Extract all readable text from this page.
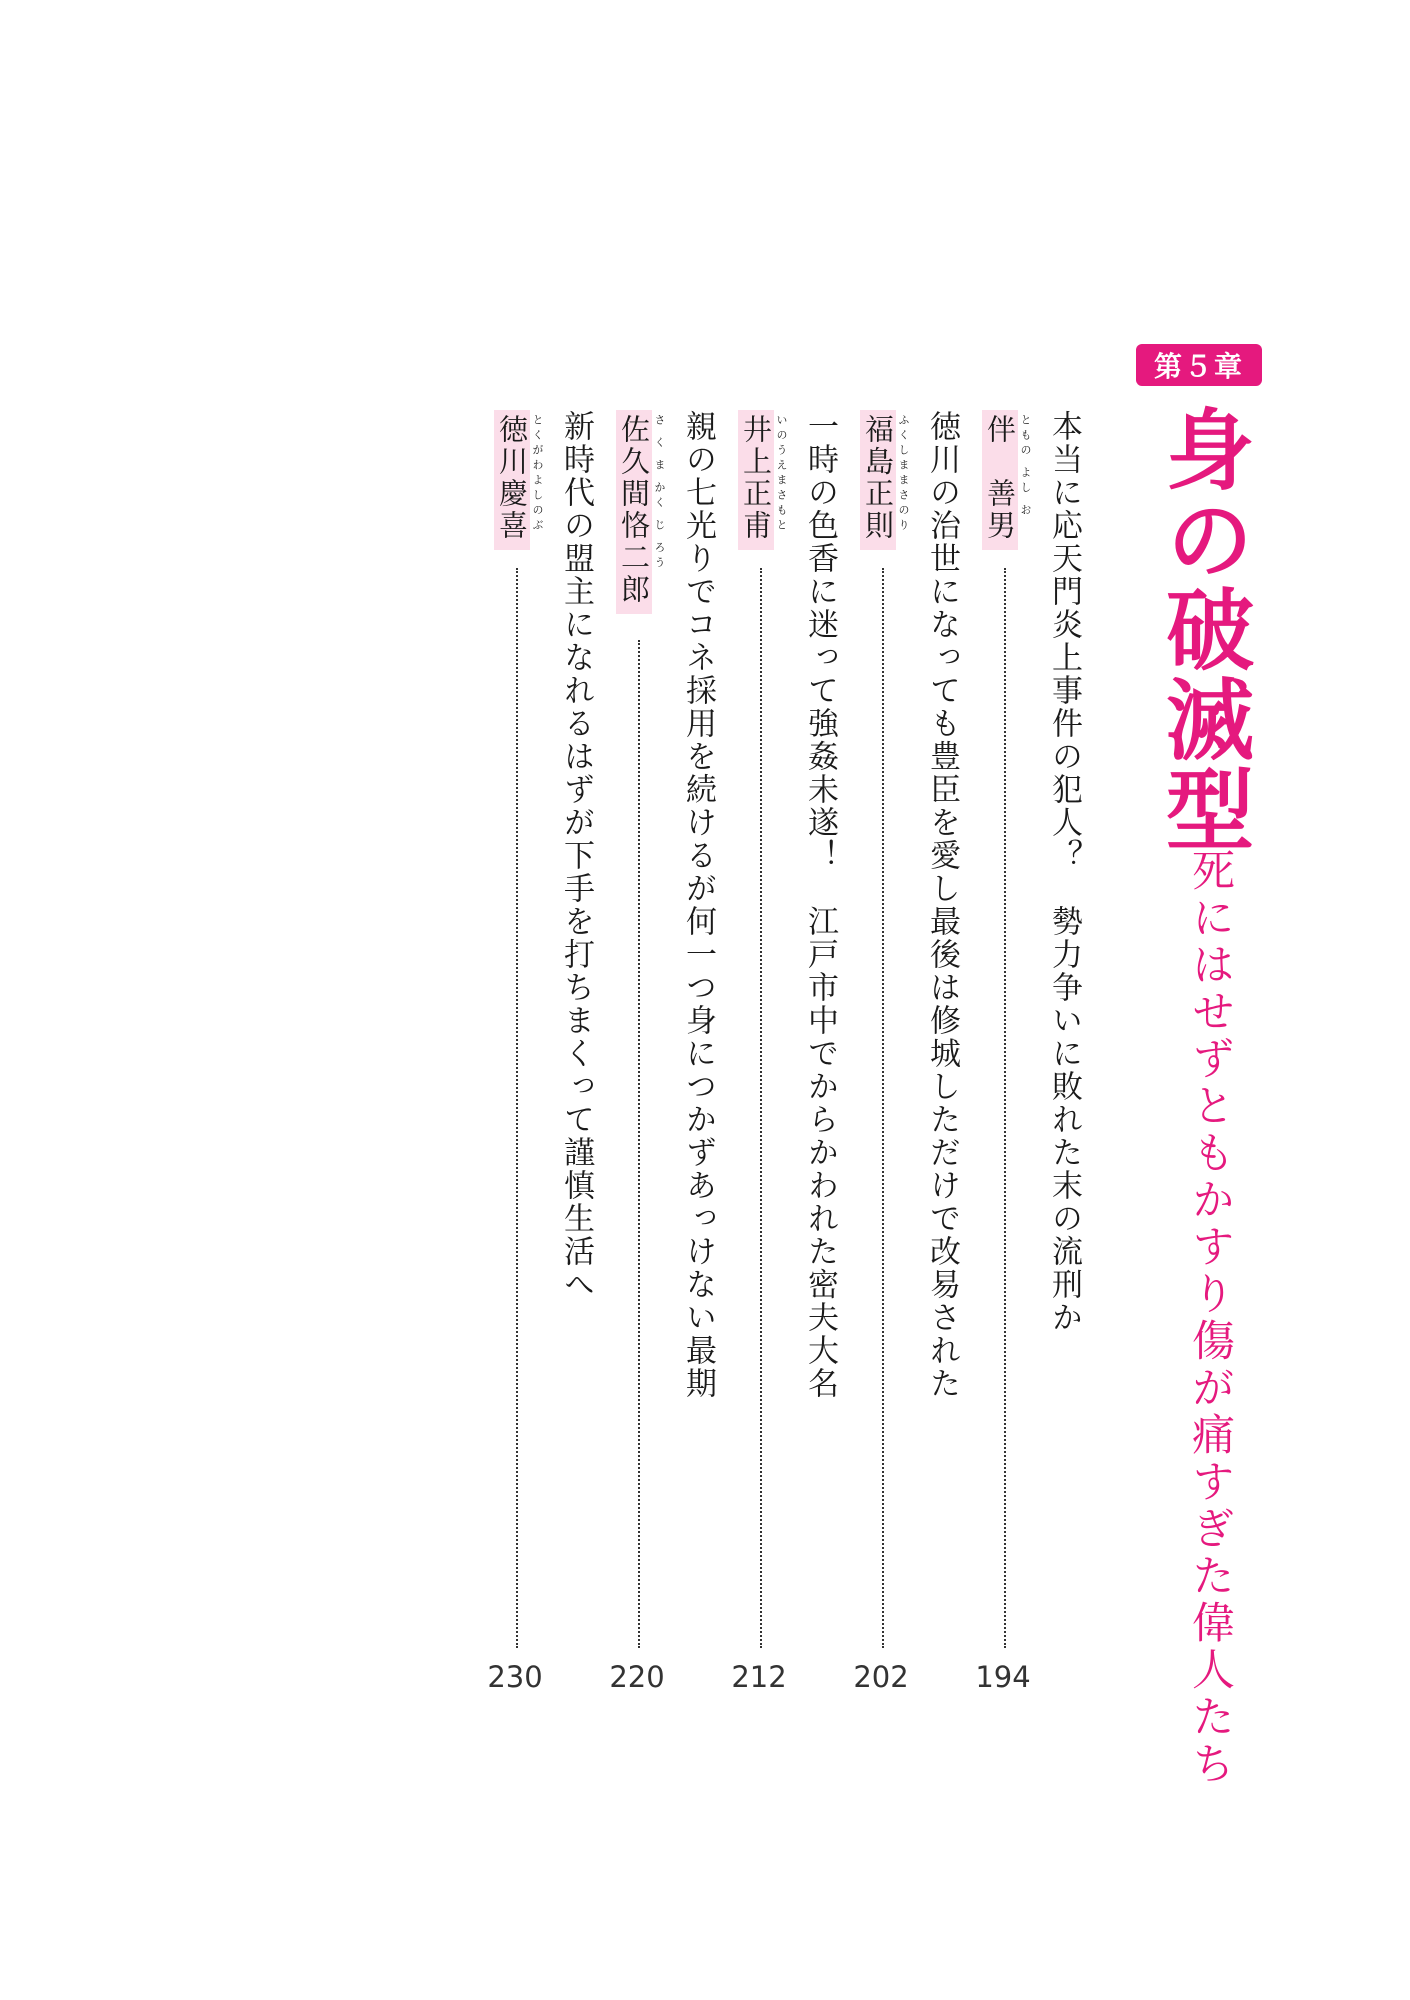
第５章
身の破滅型
死にはせずともかすり傷が痛すぎた偉人たち
本当に応天門炎上事件の犯人？　勢力争いに敗れた末の流刑か
ともの よし お
伴　善男
194
徳川の治世になっても豊臣を愛し最後は修城しただけで改易された
ふくしままさのり
福島正則
202
一時の色香に迷って強姦未遂！　江戸市中でからかわれた密夫大名
いのうえまさもと
井上正甫
212
親の七光りでコネ採用を続けるが何一つ身につかずあっけない最期
さ く ま かく じ ろう
佐久間恪二郎
220
新時代の盟主になれるはずが下手を打ちまくって謹慎生活へ
とくがわよしのぶ
徳川慶喜
230
